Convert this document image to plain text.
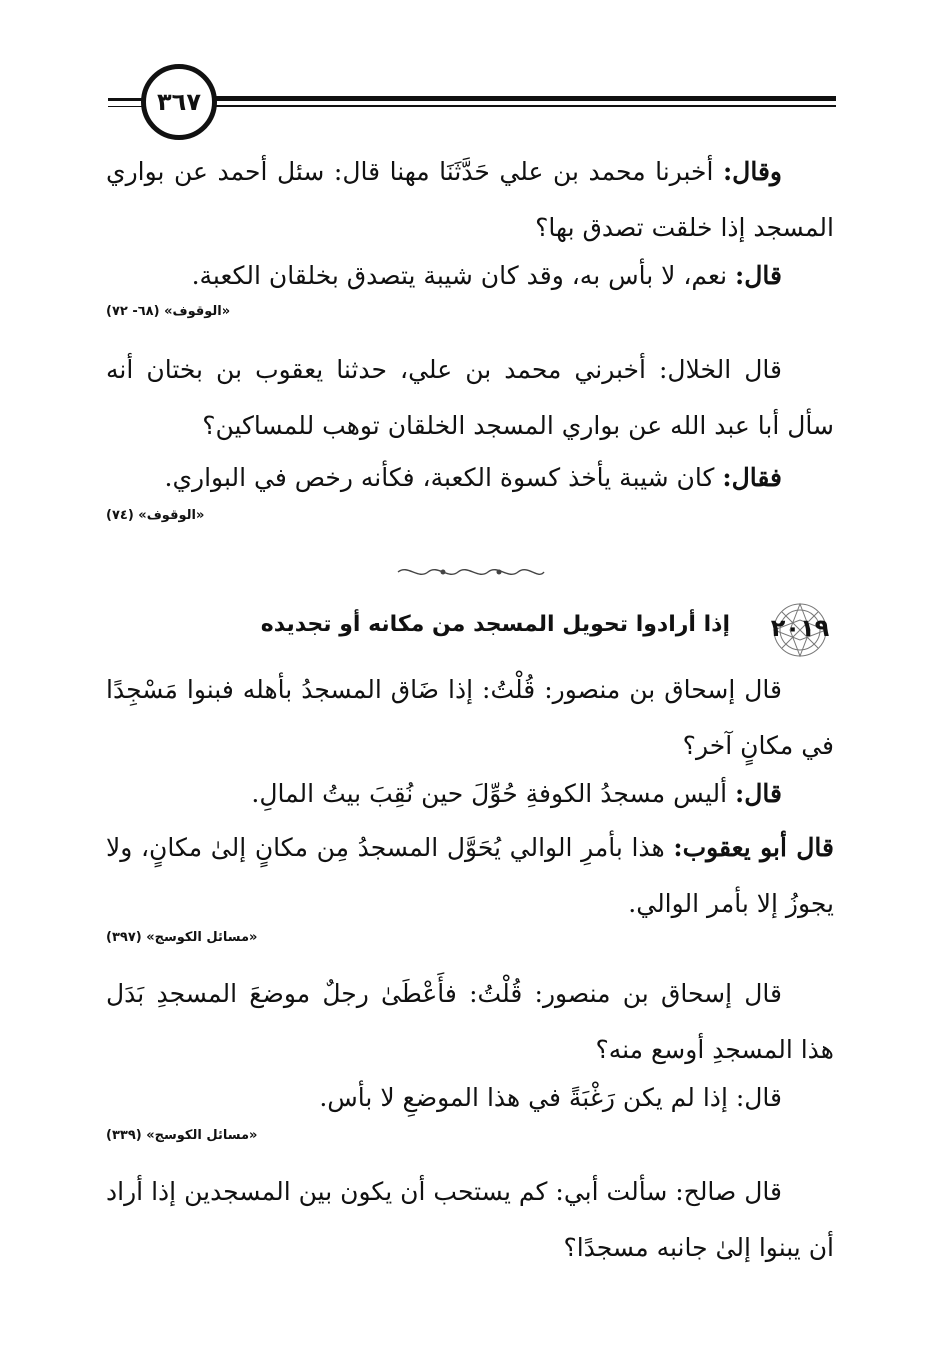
٣٦٧
وقال: أخبرنا محمد بن علي حَدَّثَنَا مهنا قال: سئل أحمد عن بواري المسجد إذا خلقت تصدق بها؟
قال: نعم، لا بأس به، وقد كان شيبة يتصدق بخلقان الكعبة.
«الوقوف» (٦٨- ٧٢)
قال الخلال: أخبرني محمد بن علي، حدثنا يعقوب بن بختان أنه سأل أبا عبد الله عن بواري المسجد الخلقان توهب للمساكين؟
فقال: كان شيبة يأخذ كسوة الكعبة، فكأنه رخص في البواري.
«الوقوف» (٧٤)
٢٠١٩
إذا أرادوا تحويل المسجد من مكانه أو تجديده
قال إسحاق بن منصور: قُلْتُ: إذا ضَاق المسجدُ بأهله فبنوا مَسْجِدًا في مكانٍ آخر؟
قال: أليس مسجدُ الكوفةِ حُوِّلَ حين نُقِبَ بيتُ المالِ.
قال أبو يعقوب: هذا بأمرِ الوالي يُحَوَّل المسجدُ مِن مكانٍ إلىٰ مكانٍ، ولا يجوزُ إلا بأمر الوالي.
«مسائل الكوسج» (٣٩٧)
قال إسحاق بن منصور: قُلْتُ: فأَعْطَىٰ رجلٌ موضعَ المسجدِ بَدَل هذا المسجدِ أوسع منه؟
قال: إذا لم يكن رَغْبَةً في هذا الموضعِ لا بأس.
«مسائل الكوسج» (٣٣٩)
قال صالح: سألت أبي: كم يستحب أن يكون بين المسجدين إذا أراد أن يبنوا إلىٰ جانبه مسجدًا؟
